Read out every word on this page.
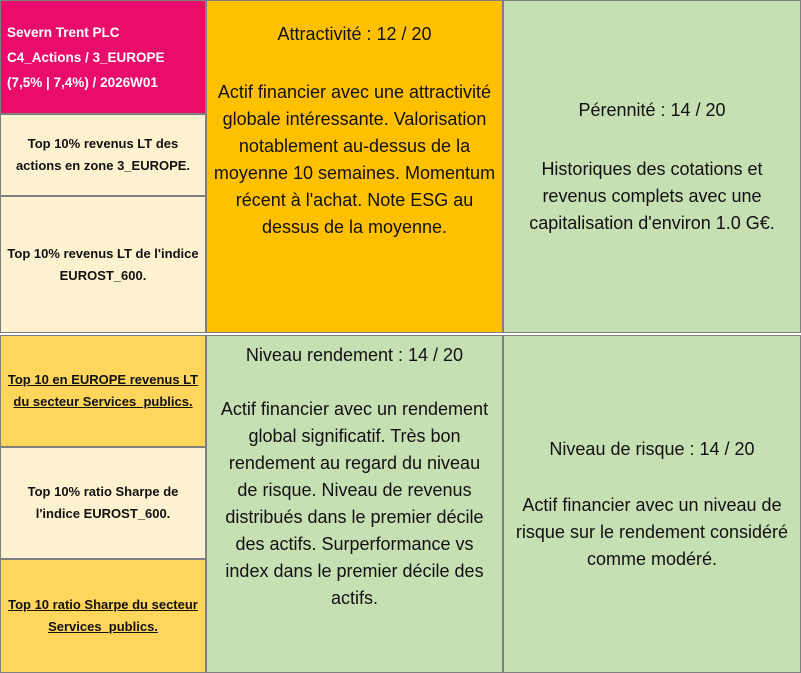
Severn Trent PLC
C4_Actions / 3_EUROPE
(7,5% | 7,4%) / 2026W01
Top 10% revenus LT des actions en zone 3_EUROPE.
Top 10% revenus LT de l'indice EUROST_600.
Top 10 en EUROPE revenus LT du secteur Services_publics.
Top 10% ratio Sharpe de l'indice EUROST_600.
Top 10 ratio Sharpe du secteur Services_publics.
Attractivité : 12 / 20
Actif financier avec une attractivité globale intéressante. Valorisation notablement au-dessus de la moyenne 10 semaines. Momentum récent à l'achat. Note ESG au dessus de la moyenne.
Pérennité : 14 / 20
Historiques des cotations et revenus complets avec une capitalisation d'environ 1.0 G€.
Niveau rendement : 14 / 20
Actif financier avec un rendement global significatif. Très bon rendement au regard du niveau de risque. Niveau de revenus distribués dans le premier décile des actifs. Surperformance vs index dans le premier décile des actifs.
Niveau de risque : 14 / 20
Actif financier avec un niveau de risque sur le rendement considéré comme modéré.
